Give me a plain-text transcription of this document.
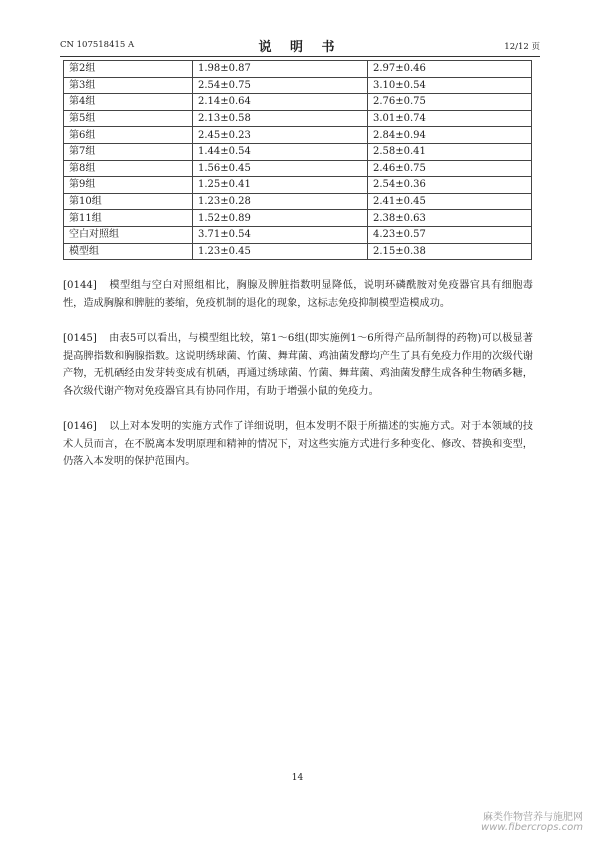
CN 107518415 A	说 明 书	12/12 页
第2组	1.98±0.87	2.97±0.46
第3组	2.54±0.75	3.10±0.54
第4组	2.14±0.64	2.76±0.75
第5组	2.13±0.58	3.01±0.74
第6组	2.45±0.23	2.84±0.94
第7组	1.44±0.54	2.58±0.41
第8组	1.56±0.45	2.46±0.75
第9组	1.25±0.41	2.54±0.36
第10组	1.23±0.28	2.41±0.45
第11组	1.52±0.89	2.38±0.63
空白对照组	3.71±0.54	4.23±0.57
模型组	1.23±0.45	2.15±0.38
[0144] 模型组与空白对照组相比，胸腺及脾脏指数明显降低，说明环磷酰胺对免疫器官具有细胞毒性，造成胸腺和脾脏的萎缩，免疫机制的退化的现象，这标志免疫抑制模型造模成功。
[0145] 由表5可以看出，与模型组比较，第1～6组(即实施例1～6所得产品所制得的药物)可以极显著提高脾指数和胸腺指数。这说明绣球菌、竹菌、舞茸菌、鸡油菌发酵均产生了具有免疫力作用的次级代谢产物，无机硒经由发芽转变成有机硒，再通过绣球菌、竹菌、舞茸菌、鸡油菌发酵生成各种生物硒多糖，各次级代谢产物对免疫器官具有协同作用，有助于增强小鼠的免疫力。
[0146] 以上对本发明的实施方式作了详细说明，但本发明不限于所描述的实施方式。对于本领域的技术人员而言，在不脱离本发明原理和精神的情况下，对这些实施方式进行多种变化、修改、替换和变型，仍落入本发明的保护范围内。
14
麻类作物营养与施肥网
www.fibercrops.com
